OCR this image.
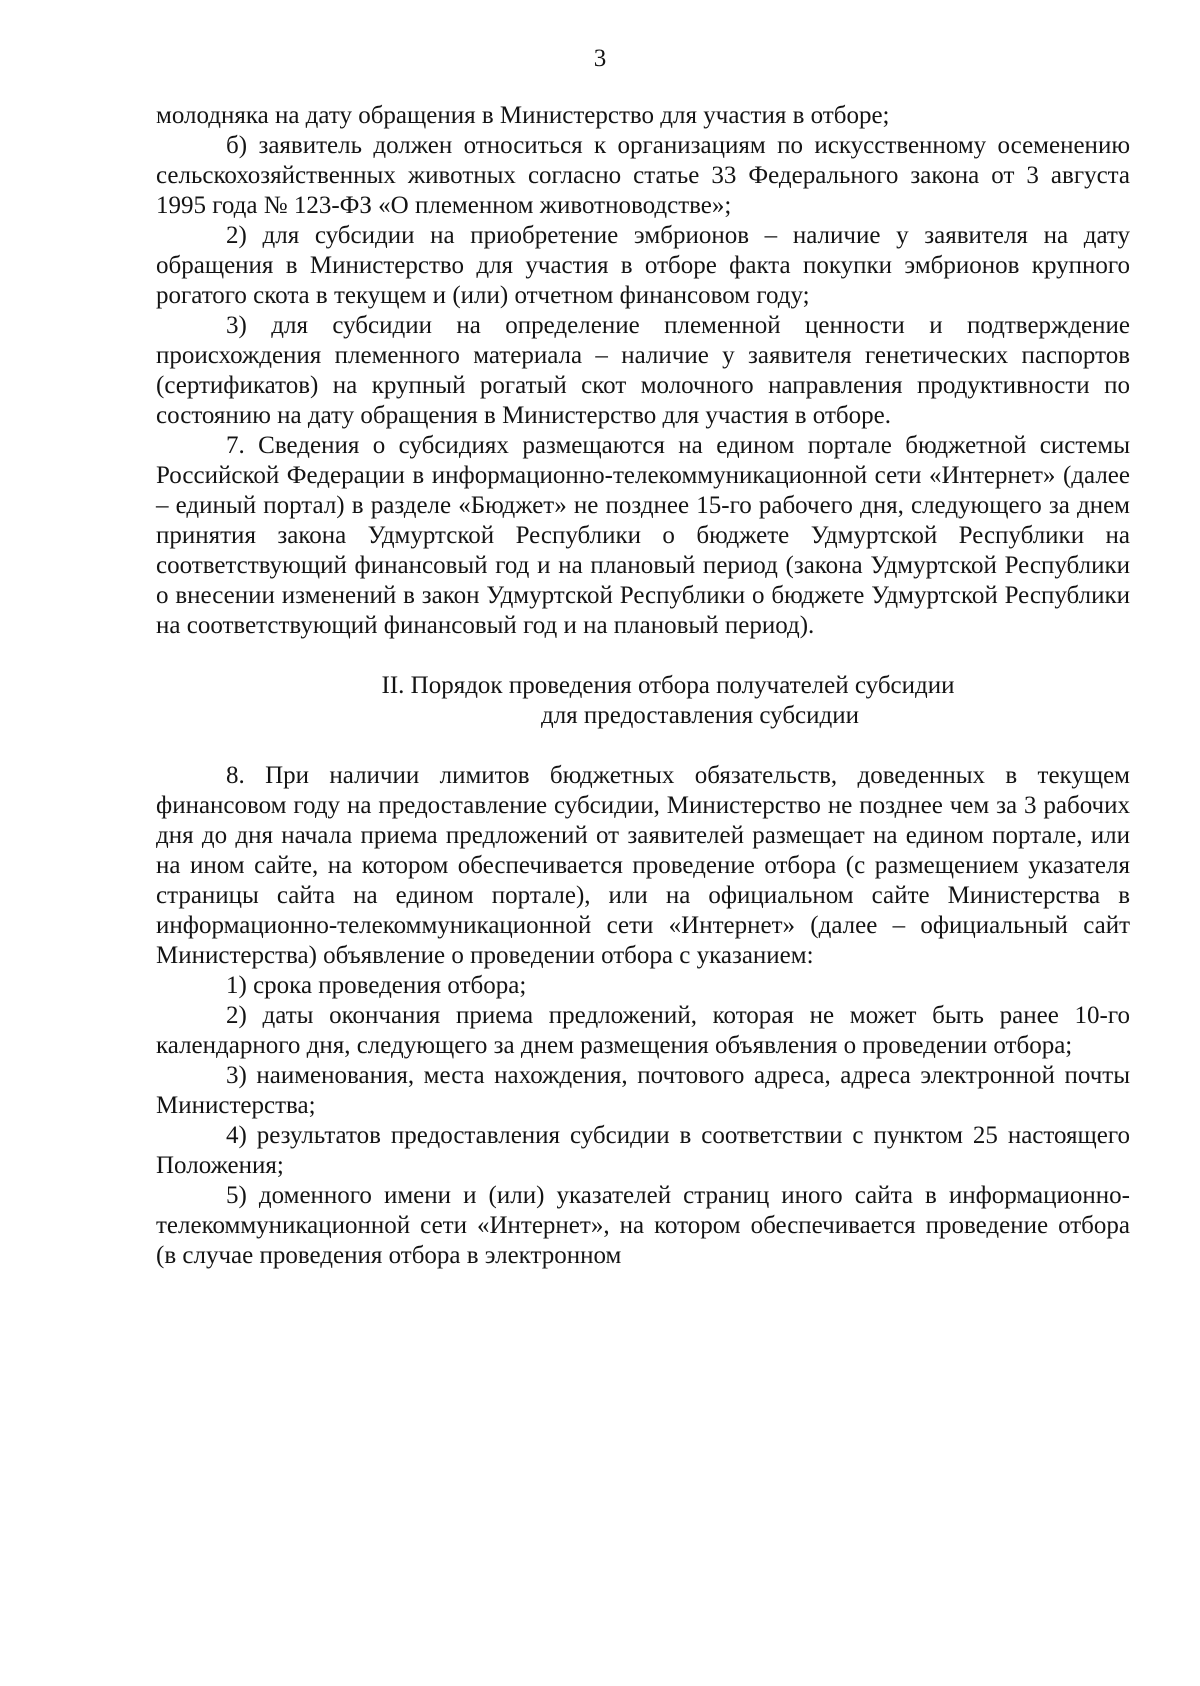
3

молодняка на дату обращения в Министерство для участия в отборе;

б) заявитель должен относиться к организациям по искусственному осеменению сельскохозяйственных животных согласно статье 33 Федерального закона от 3 августа 1995 года № 123-ФЗ «О племенном животноводстве»;

2) для субсидии на приобретение эмбрионов – наличие у заявителя на дату обращения в Министерство для участия в отборе факта покупки эмбрионов крупного рогатого скота в текущем и (или) отчетном финансовом году;

3) для субсидии на определение племенной ценности и подтверждение происхождения племенного материала – наличие у заявителя генетических паспортов (сертификатов) на крупный рогатый скот молочного направления продуктивности по состоянию на дату обращения в Министерство для участия в отборе.

7. Сведения о субсидиях размещаются на едином портале бюджетной системы Российской Федерации в информационно-телекоммуникационной сети «Интернет» (далее – единый портал) в разделе «Бюджет» не позднее 15-го рабочего дня, следующего за днем принятия закона Удмуртской Республики о бюджете Удмуртской Республики на соответствующий финансовый год и на плановый период (закона Удмуртской Республики о внесении изменений в закон Удмуртской Республики о бюджете Удмуртской Республики на соответствующий финансовый год и на плановый период).

II. Порядок проведения отбора получателей субсидии
для предоставления субсидии

8. При наличии лимитов бюджетных обязательств, доведенных в текущем финансовом году на предоставление субсидии, Министерство не позднее чем за 3 рабочих дня до дня начала приема предложений от заявителей размещает на едином портале, или на ином сайте, на котором обеспечивается проведение отбора (с размещением указателя страницы сайта на едином портале), или на официальном сайте Министерства в информационно-телекоммуникационной сети «Интернет» (далее – официальный сайт Министерства) объявление о проведении отбора с указанием:

1) срока проведения отбора;

2) даты окончания приема предложений, которая не может быть ранее 10-го календарного дня, следующего за днем размещения объявления о проведении отбора;

3) наименования, места нахождения, почтового адреса, адреса электронной почты Министерства;

4) результатов предоставления субсидии в соответствии с пунктом 25 настоящего Положения;

5) доменного имени и (или) указателей страниц иного сайта в информационно-телекоммуникационной сети «Интернет», на котором обеспечивается проведение отбора (в случае проведения отбора в электронном
